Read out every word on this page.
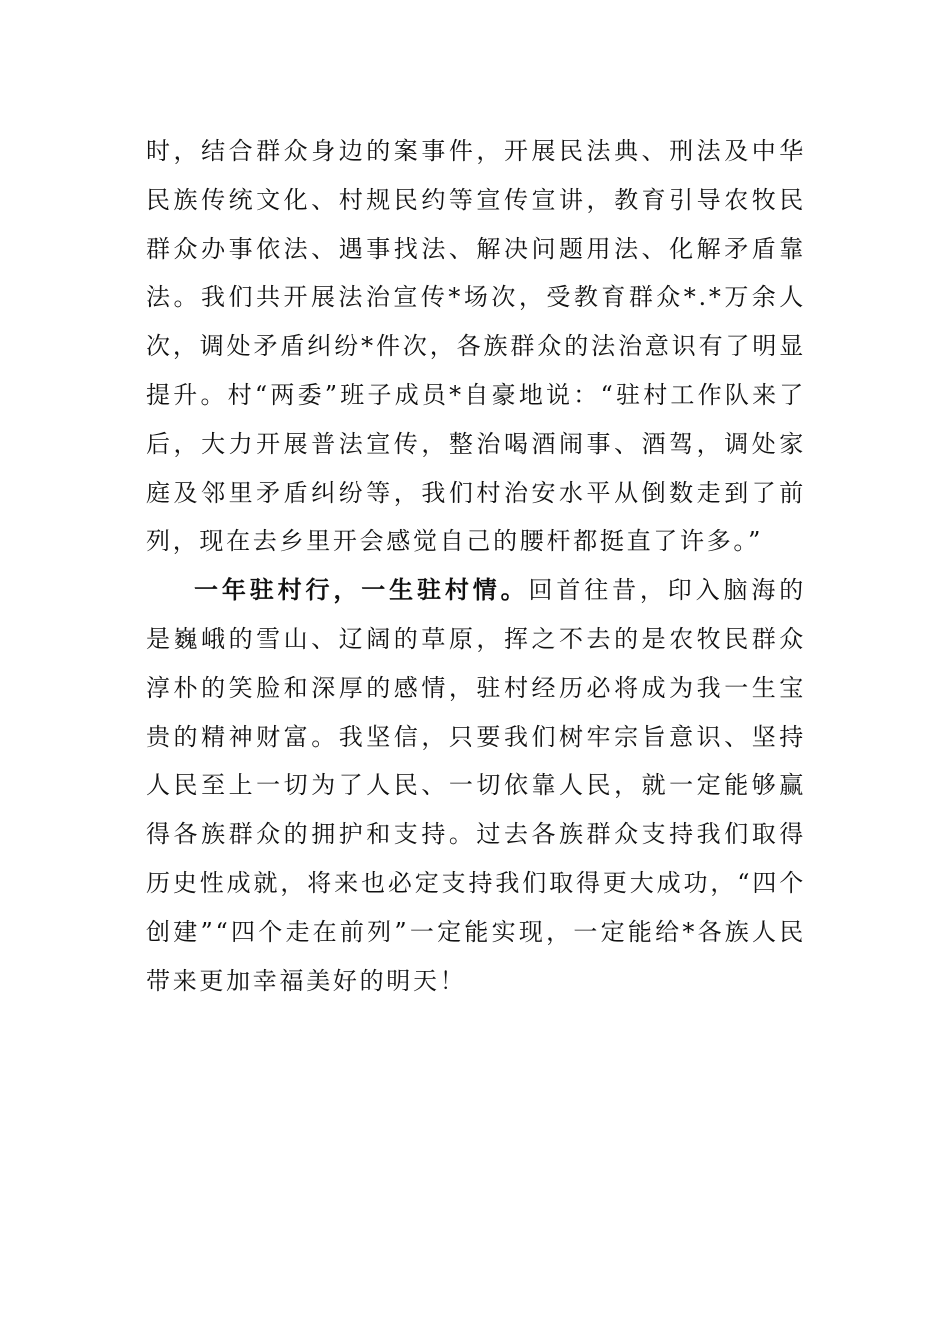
时，结合群众身边的案事件，开展民法典、刑法及中华民族传统文化、村规民约等宣传宣讲，教育引导农牧民群众办事依法、遇事找法、解决问题用法、化解矛盾靠法。我们共开展法治宣传*场次，受教育群众*.*万余人次，调处矛盾纠纷*件次，各族群众的法治意识有了明显提升。村“两委”班子成员*自豪地说：“驻村工作队来了后，大力开展普法宣传，整治喝酒闹事、酒驾，调处家庭及邻里矛盾纠纷等，我们村治安水平从倒数走到了前列，现在去乡里开会感觉自己的腰杆都挺直了许多。”

一年驻村行，一生驻村情。回首往昔，印入脑海的是巍峨的雪山、辽阔的草原，挥之不去的是农牧民群众淳朴的笑脸和深厚的感情，驻村经历必将成为我一生宝贵的精神财富。我坚信，只要我们树牢宗旨意识、坚持人民至上一切为了人民、一切依靠人民，就一定能够赢得各族群众的拥护和支持。过去各族群众支持我们取得历史性成就，将来也必定支持我们取得更大成功，“四个创建”“四个走在前列”一定能实现，一定能给*各族人民带来更加幸福美好的明天！
